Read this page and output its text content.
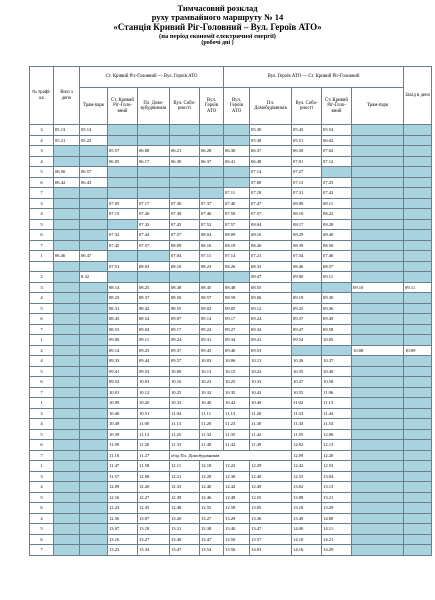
Тимчасовий розклад
руху трамвайного маршруту № 14
«Станція Кривий Ріг-Головний – Вул. Героїв АТО»
(на період економії електричної енергії)
(робочі дні )
№ трафі-ка	Вихі з депо	Ст. Кривий Ріг-Головний — Вул. Героїв АТО					Вул. Героїв АТО — Ст. Кривий Ріг-Головний					Захід в депо
		Трам-парк	Ст. Кривий Ріг-Голо-вний	Пл. Дово-вубудівників	Вул. Собо-рності	Вул. Героїв АТО	Вул. Героїв АТО	Пл. Домобудівників	Вул. Собо-рності	Ст. Кривий Ріг-Голо-вний	Трам-парк	
3	05.13	05.14						05.30	05.43	05.54		
4	05.21	05.22						05.38	05.51	06.02		
3			05.57	06.08	06.21	06.28	06.30	06.37	06.50	07.02		
4			06.05	06.17	06.30	06.37	06.41	06.48	07.01	07.12		
5	06.56	06.57						07.14	07.27			
6	06.42	06.43						07.00	07.13	07.25		
7							07.11	07.18	07.31	07.42		
3			07.05	07.17	07.30	07.37	07.40	07.47	08.00	08.11		
4			07.15	07.26	07.39	07.46	07.50	07.57	08.10	08.22		
5				07.32	07.45	07.52	07.57	08.04	08.17	08.28		
6			07.32	07.44	07.57	08.04	08.09	08.16	08.29	08.40		
7			07.45	07.57	08.09	08.16	08.19	08.26	08.39	08.50		
1	06.46	06.47			07.04	07.11	07.14	07.21	07.34	07.46		
			07.51	08.03	08.16	08.23	08.26	08.33	08.46	08.57		
2		8.32						08.47	09.00	09.11		
3			08.14	08.25	08.38	08.45	08.48	08.55			09.10	09.11
4			08.23	08.37	08.50	08.57	08.59	09.06	09.19	09.30		
5			08.31	08.42	08.55	09.02	09.05	09.12	09.25	09.36		
6			08.43	08.54	09.07	09.14	09.17	09.24	09.37	09.49		
7			08.53	09.04	09.17	09.24	09.27	09.34	09.47	09.58		
1			09.00	09.11	09.24	09.31	09.34	09.41	09.54	10.05		
2			09.14	09.25	09.37	09.45	09.46	09.53			10.08	10.09
4			09.33	09.44	09.57	10.03	10.06	10.13	10.26	10.37		
5			09.41	09.53	10.00	10.13	10.15	10.22	10.35	10.40		
6			09.52	10.03	10.16	10.23	10.25	10.33	10.47	10.58		
7			10.01	10.12	10.25	10.32	10.35	10.42	10.55	11.06		
1			10.09	10.20	10.33	10.40	10.42	10.49	11.02	11.13		
3			10.40	10.51	11.04	11.11	11.13	11.20	11.33	11.44		
4			10.49	11.00	11.13	11.20	11.23	11.30	11.43	11.54		
5			10.59	11.12	11.25	11.32	11.35	11.42	11.55	12.06		
6			11.09	11.20	11.33	11.40	11.42	11.49	12.02	12.13		
7			11.16	11.27	обід Пл. Домобудівників				12.09	12.20		
1			11.47	11.58	12.11	12.18	12.22	12.29	12.42	12.53		
3			11.57	12.08	12.21	12.28	12.30	12.40	12.53	13.04		
4			12.09	12.20	12.33	12.40	12.42	12.49	13.02	13.13		
5			12.16	12.27	12.39	12.46	12.48	12.55	13.08	13.21		
6			12.23	12.35	12.48	12.55	12.58	13.05	13.18	13.29		
4			12.56	13.07	13.20	13.27	13.29	13.36	13.49	14.00		
5			13.07	13.18	13.31	13.38	13.40	13.47	14.00	14.11		
6			13.16	13.27	13.40	13.47	13.50	13.57	14.10	14.21		
7			13.23	13.34	13.47	13.54	13.56	14.03	14.16	14.29		
